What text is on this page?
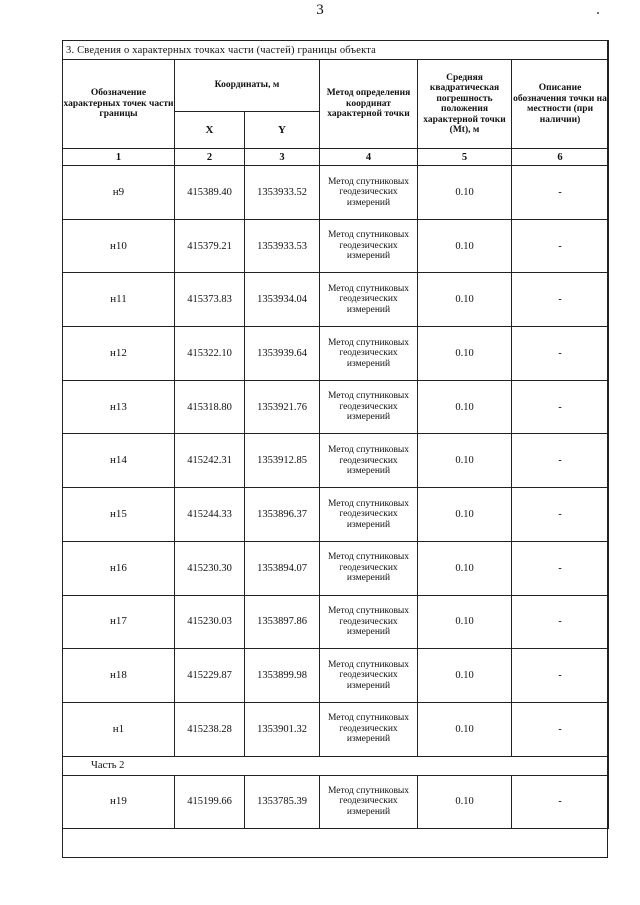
3
3. Сведения о характерных точках части (частей) границы объекта					
Обозначение характерных точек части границы	Координаты, м		Метод определения координат характерной точки	Средняя квадратическая погрешность положения характерной точки (Mt), м	Описание обозначения точки на местности (при наличии)
	X	Y			
1	2	3	4	5	6
н9	415389.40	1353933.52	Метод спутниковых геодезических измерений	0.10	-
н10	415379.21	1353933.53	Метод спутниковых геодезических измерений	0.10	-
н11	415373.83	1353934.04	Метод спутниковых геодезических измерений	0.10	-
н12	415322.10	1353939.64	Метод спутниковых геодезических измерений	0.10	-
н13	415318.80	1353921.76	Метод спутниковых геодезических измерений	0.10	-
н14	415242.31	1353912.85	Метод спутниковых геодезических измерений	0.10	-
н15	415244.33	1353896.37	Метод спутниковых геодезических измерений	0.10	-
н16	415230.30	1353894.07	Метод спутниковых геодезических измерений	0.10	-
н17	415230.03	1353897.86	Метод спутниковых геодезических измерений	0.10	-
н18	415229.87	1353899.98	Метод спутниковых геодезических измерений	0.10	-
н1	415238.28	1353901.32	Метод спутниковых геодезических измерений	0.10	-
Часть 2					
н19	415199.66	1353785.39	Метод спутниковых геодезических измерений	0.10	-
